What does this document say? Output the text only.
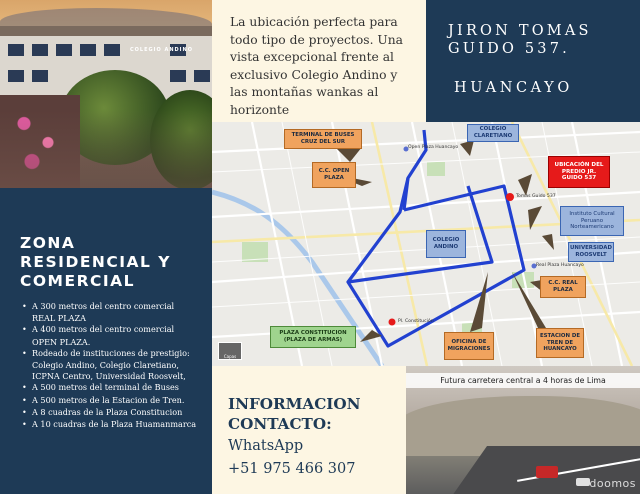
COLEGIO ANDINO

La ubicación perfecta para todo tipo de proyectos. Una vista excepcional frente al exclusivo Colegio Andino y las montañas wankas al horizonte

JIRON TOMAS GUIDO 537.
HUANCAYO
ZONA RESIDENCIAL Y COMERCIAL
• A 300 metros del centro comercial
REAL PLAZA
• A 400 metros del centro comercial
OPEN PLAZA.
• Rodeado de instituciones de prestigio:
Colegio Andino, Colegio Claretiano,
ICPNA Centro, Universidad Roosvelt,
• A 500 metros del terminal de Buses
• A 500 metros de la Estacion de Tren.
• A 8 cuadras de la Plaza Constitucion
• A 10 cuadras de la Plaza Huamanmarca
Open Plaza Huancayo
Tomas Guido 537
Real Plaza Huancayo
Pl. Constitución
TERMINAL DE BUSES CRUZ DEL SUR
COLEGIO CLARETIANO
UBICACIÓN DEL PREDIO JR. GUIDO 537
C.C. OPEN PLAZA
Instituto Cultural Peruano Norteamericano
COLEGIO ANDINO	UNIVERSIDAD ROOSVELT
C.C. REAL PLAZA
PLAZA CONSTITUCION (PLAZA DE ARMAS)	OFICINA DE MIGRACIONES
ESTACION DE TREN DE HUANCAYO
Capas
INFORMACION
CONTACTO:
WhatsApp
+51 975 466 307
Futura carretera central a 4 horas de Lima
doomos
